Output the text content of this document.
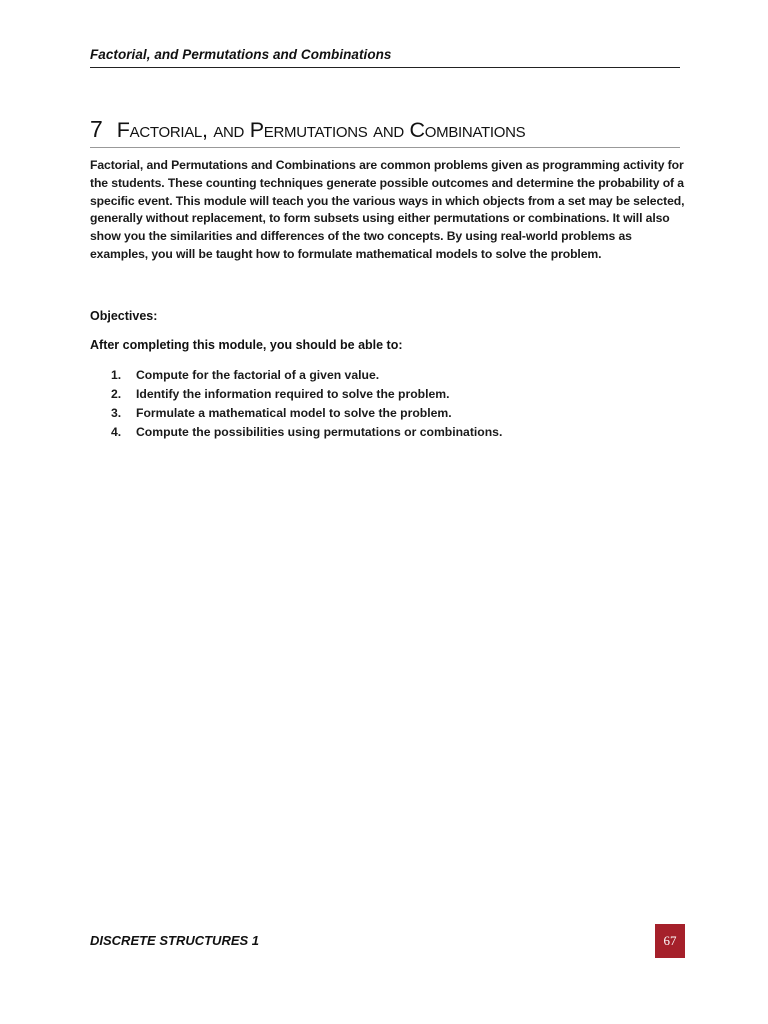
Factorial, and Permutations and Combinations
7 Factorial, and Permutations and Combinations

Factorial, and Permutations and Combinations are common problems given as programming activity for the students. These counting techniques generate possible outcomes and determine the probability of a specific event. This module will teach you the various ways in which objects from a set may be selected, generally without replacement, to form subsets using either permutations or combinations. It will also show you the similarities and differences of the two concepts. By using real-world problems as examples, you will be taught how to formulate mathematical models to solve the problem.

Objectives:

After completing this module, you should be able to:

1. Compute for the factorial of a given value.
2. Identify the information required to solve the problem.
3. Formulate a mathematical model to solve the problem.
4. Compute the possibilities using permutations or combinations.
DISCRETE STRUCTURES 1	67
